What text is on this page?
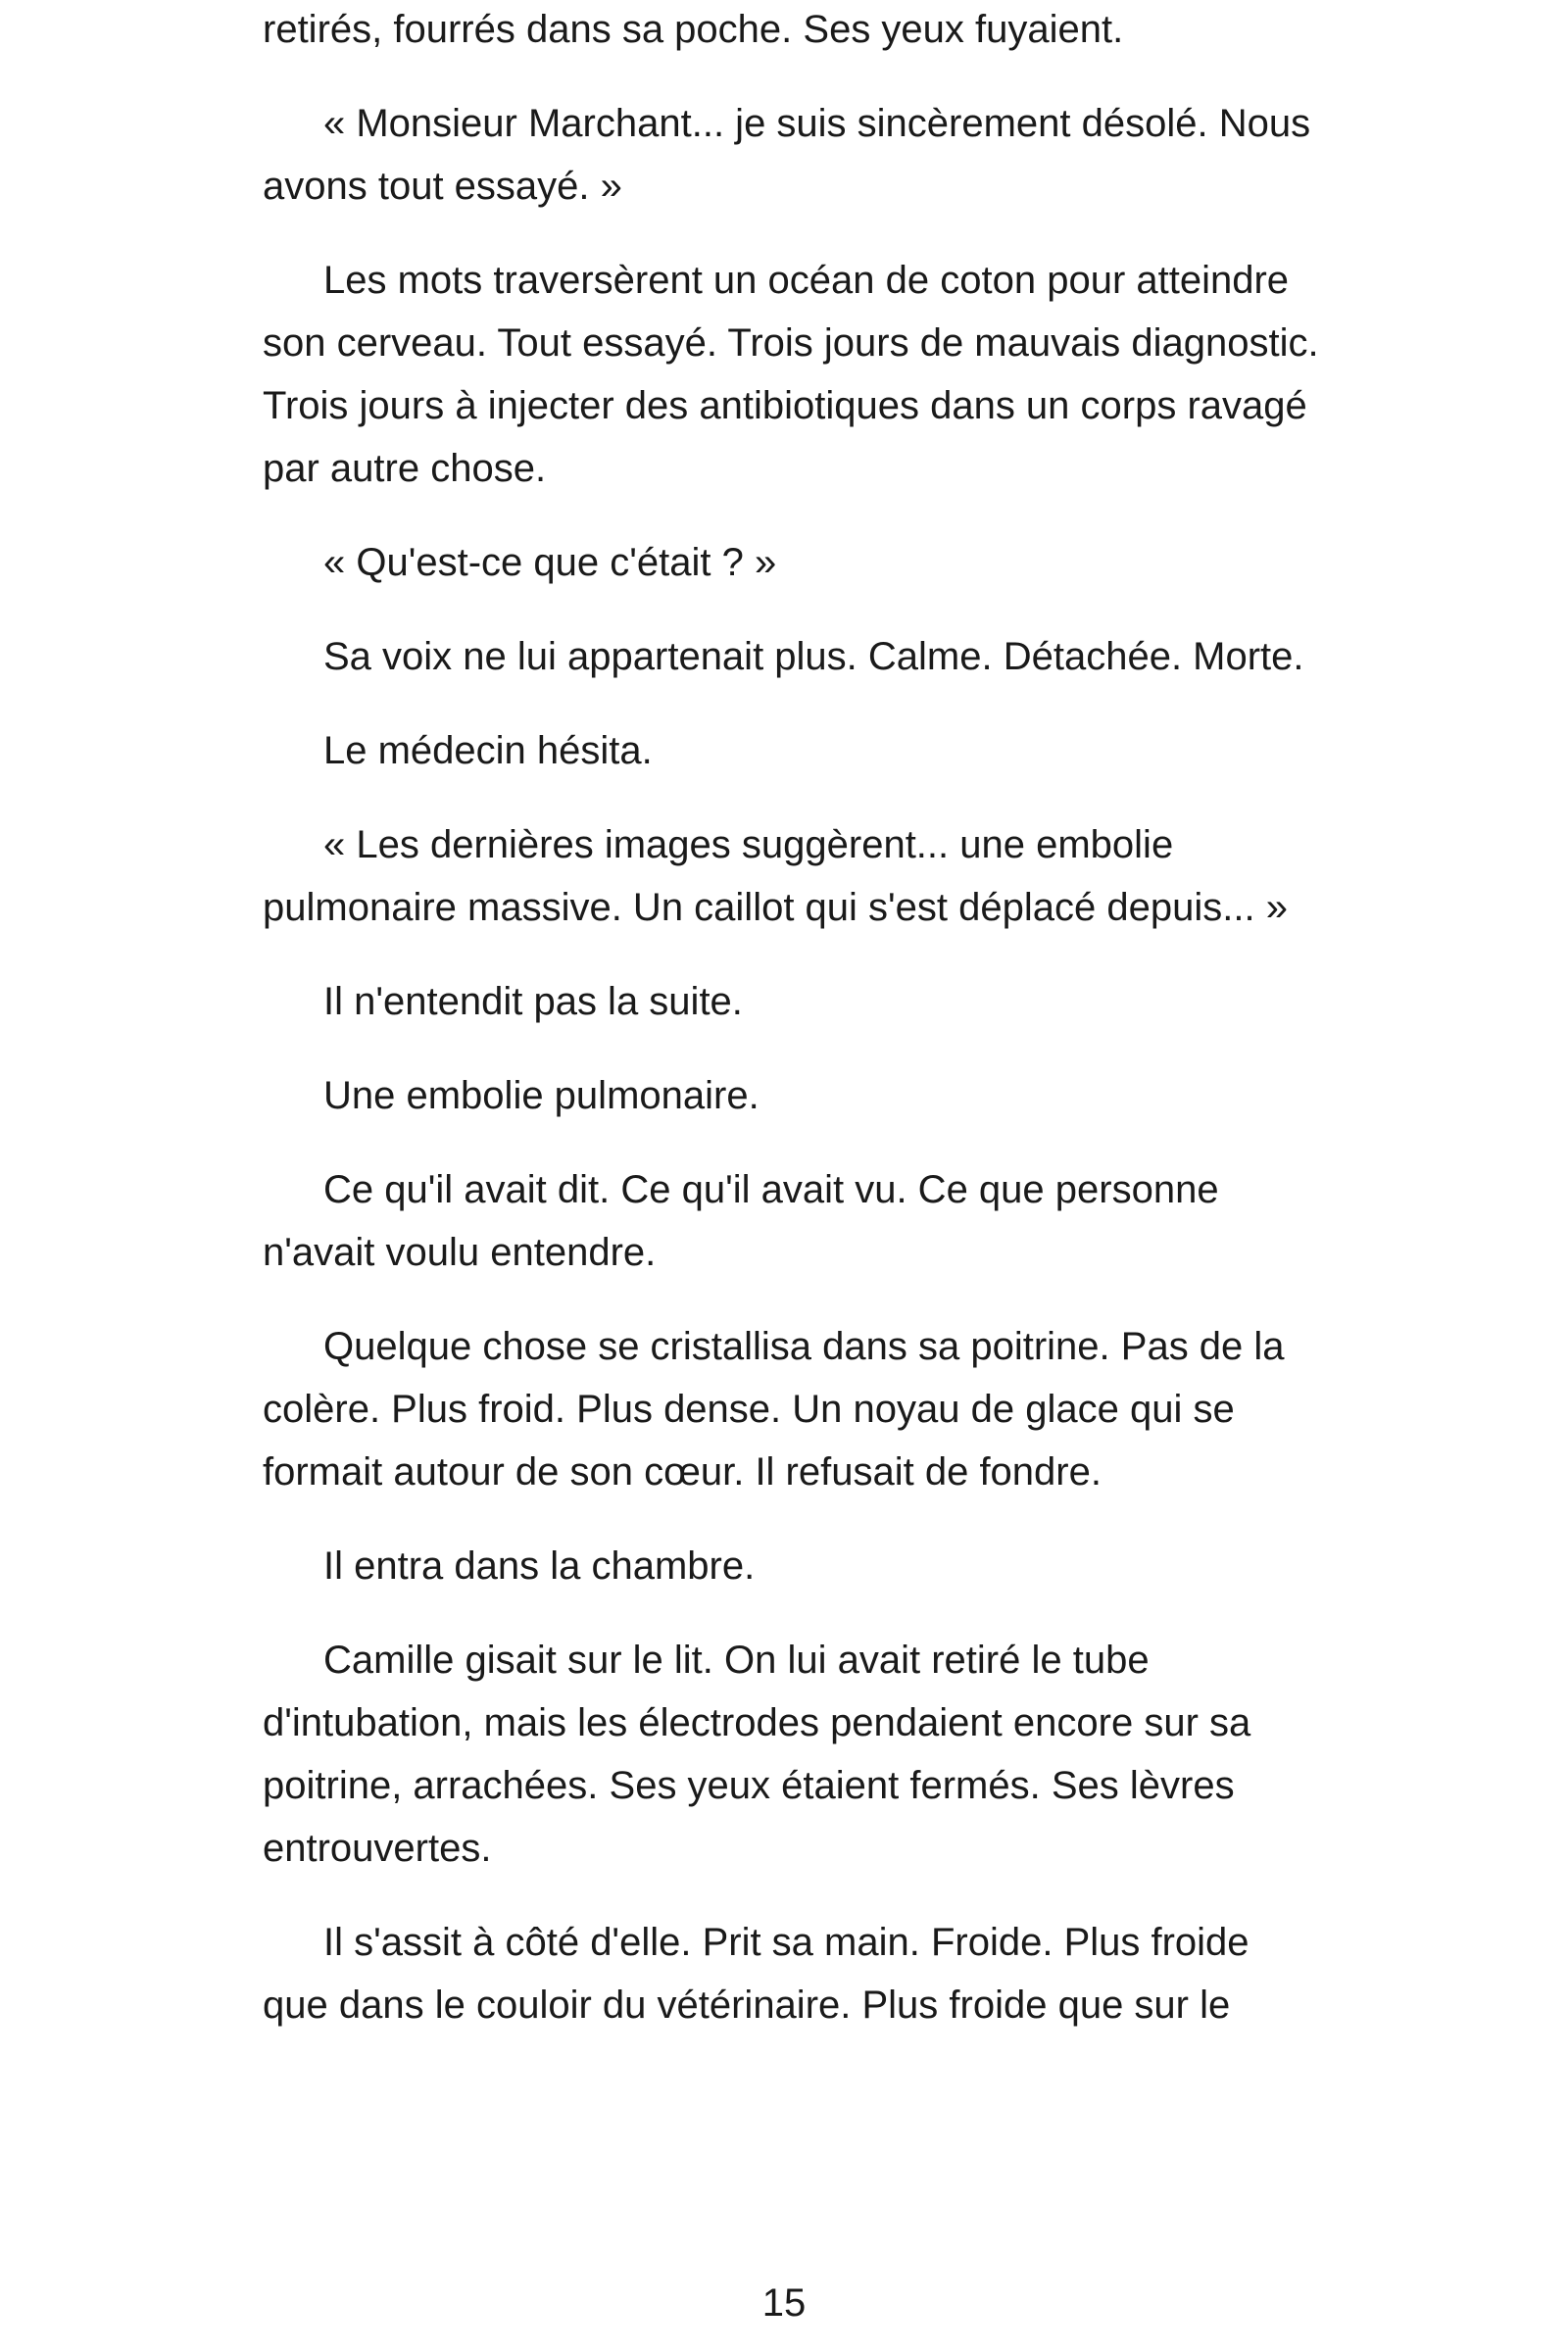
retirés, fourrés dans sa poche. Ses yeux fuyaient.

« Monsieur Marchant... je suis sincèrement désolé. Nous avons tout essayé. »

Les mots traversèrent un océan de coton pour atteindre son cerveau. Tout essayé. Trois jours de mauvais diagnostic. Trois jours à injecter des antibiotiques dans un corps ravagé par autre chose.

« Qu'est-ce que c'était ? »

Sa voix ne lui appartenait plus. Calme. Détachée. Morte.

Le médecin hésita.

« Les dernières images suggèrent... une embolie pulmonaire massive. Un caillot qui s'est déplacé depuis... »

Il n'entendit pas la suite.

Une embolie pulmonaire.

Ce qu'il avait dit. Ce qu'il avait vu. Ce que personne n'avait voulu entendre.

Quelque chose se cristallisa dans sa poitrine. Pas de la colère. Plus froid. Plus dense. Un noyau de glace qui se formait autour de son cœur. Il refusait de fondre.

Il entra dans la chambre.

Camille gisait sur le lit. On lui avait retiré le tube d'intubation, mais les électrodes pendaient encore sur sa poitrine, arrachées. Ses yeux étaient fermés. Ses lèvres entrouvertes.

Il s'assit à côté d'elle. Prit sa main. Froide. Plus froide que dans le couloir du vétérinaire. Plus froide que sur le

15
